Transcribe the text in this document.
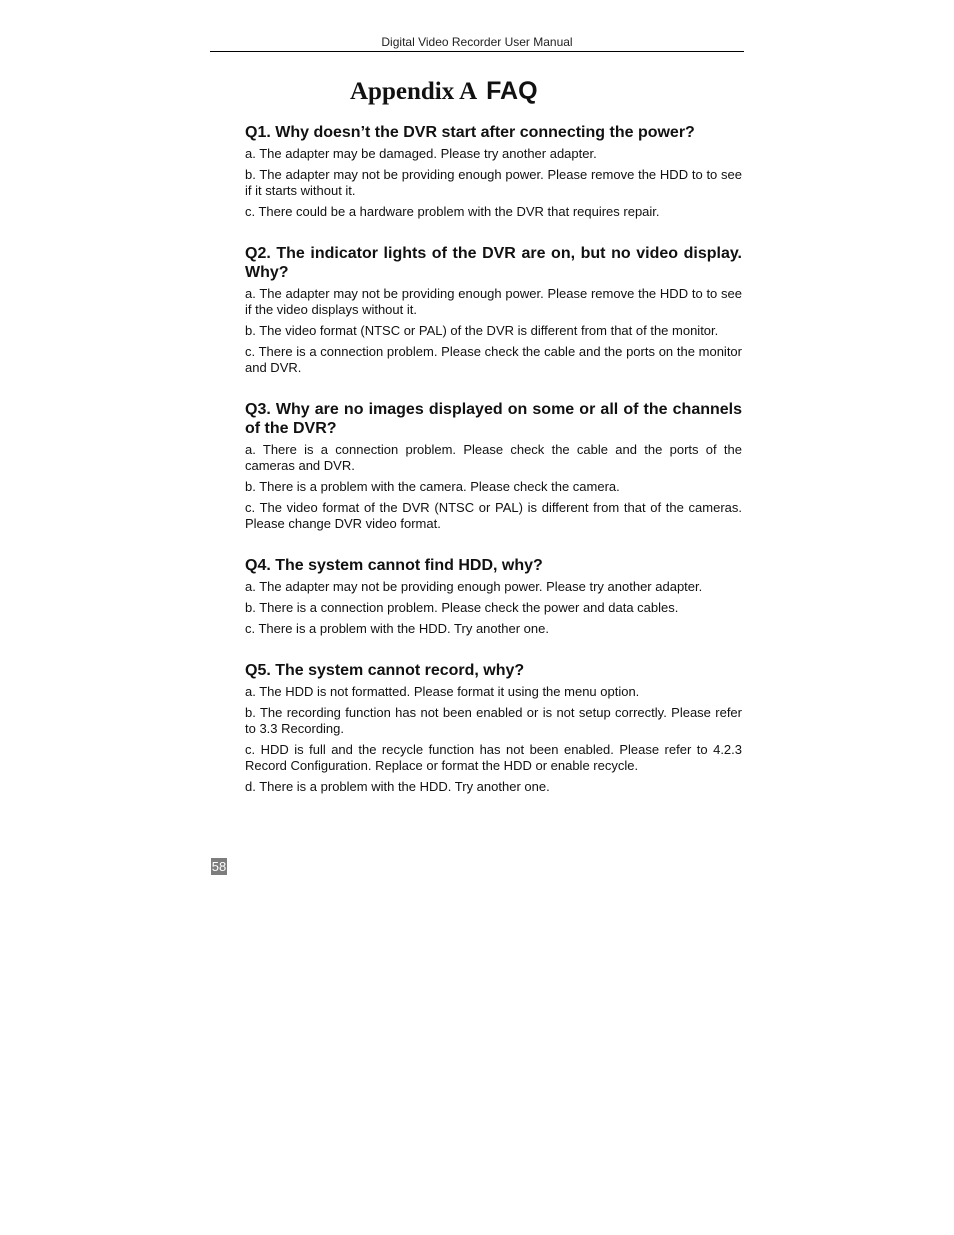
Digital Video Recorder User Manual
Appendix A FAQ
Q1. Why doesn’t the DVR start after connecting the power?

a. The adapter may be damaged. Please try another adapter.

b. The adapter may not be providing enough power. Please remove the HDD to to see if it starts without it.

c. There could be a hardware problem with the DVR that requires repair.

Q2. The indicator lights of the DVR are on, but no video display. Why?

a. The adapter may not be providing enough power. Please remove the HDD to to see if the video displays without it.

b. The video format (NTSC or PAL) of the DVR is different from that of the monitor.

c. There is a connection problem. Please check the cable and the ports on the monitor and DVR.

Q3. Why are no images displayed on some or all of the channels of the DVR?

a. There is a connection problem. Please check the cable and the ports of the cameras and DVR.

b. There is a problem with the camera. Please check the camera.

c. The video format of the DVR (NTSC or PAL) is different from that of the cameras. Please change DVR video format.

Q4. The system cannot find HDD, why?

a. The adapter may not be providing enough power. Please try another adapter.

b. There is a connection problem. Please check the power and data cables.

c. There is a problem with the HDD. Try another one.

Q5. The system cannot record, why?

a. The HDD is not formatted. Please format it using the menu option.

b. The recording function has not been enabled or is not setup correctly. Please refer to 3.3 Recording.

c. HDD is full and the recycle function has not been enabled. Please refer to 4.2.3 Record Configuration. Replace or format the HDD or enable recycle.

d. There is a problem with the HDD. Try another one.

58
